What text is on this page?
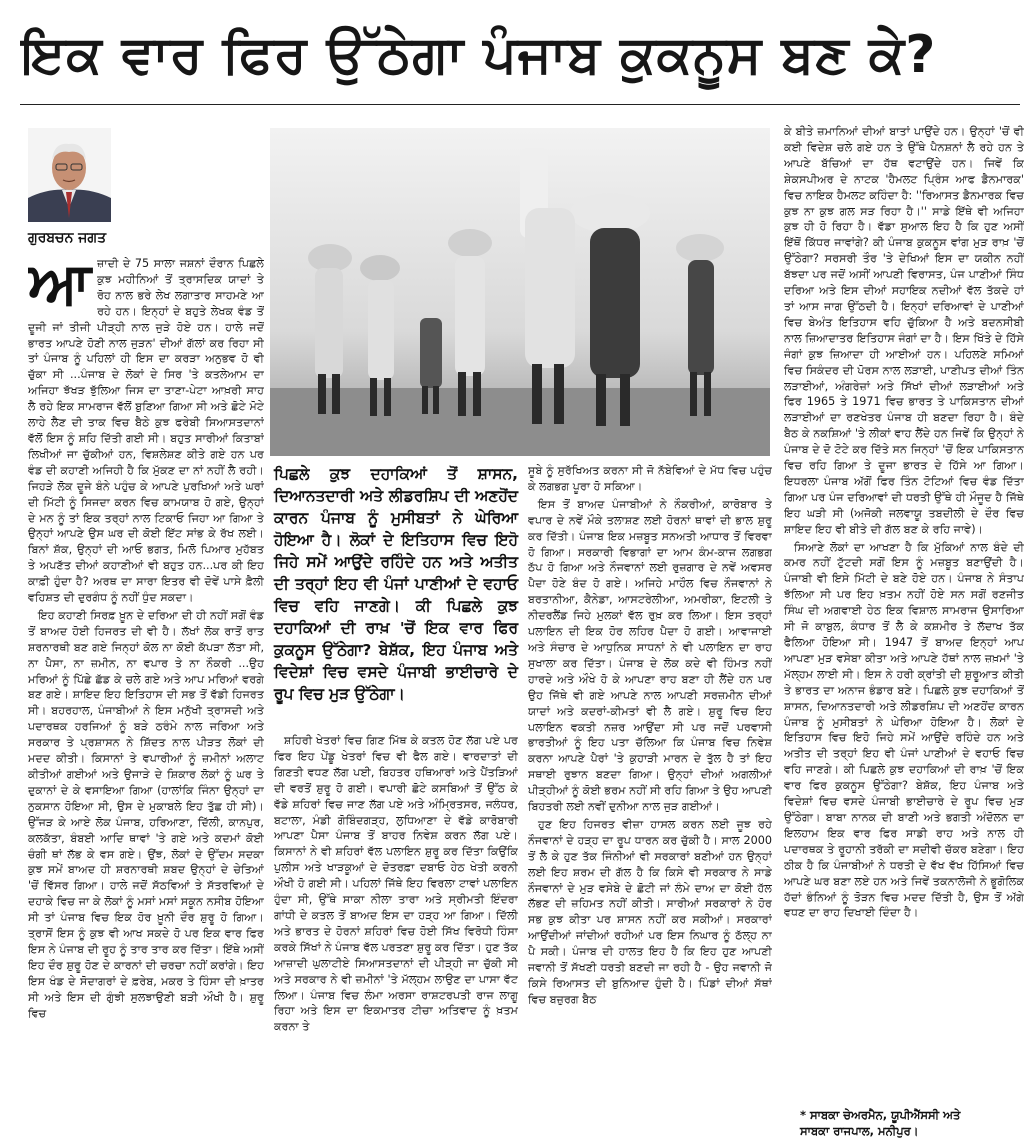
ਇਕ ਵਾਰ ਫਿਰ ਉੱਠੇਗਾ ਪੰਜਾਬ ਕੁਕਨੂਸ ਬਣ ਕੇ?
ਗੁਰਬਚਨ ਜਗਤ

ਆਜ਼ਾਦੀ ਦੇ 75 ਸਾਲਾ ਜਸ਼ਨਾਂ ਦੌਰਾਨ ਪਿਛਲੇ ਕੁਝ ਮਹੀਨਿਆਂ ਤੋਂ ਤ੍ਰਾਸਦਿਕ ਯਾਦਾਂ ਤੇ ਰੋਹ ਨਾਲ ਭਰੇ ਲੇਖ ਲਗਾਤਾਰ ਸਾਹਮਣੇ ਆ ਰਹੇ ਹਨ। ਇਨ੍ਹਾਂ ਦੇ ਬਹੁਤੇ ਲੇਖਕ ਵੰਡ ਤੋਂ ਦੂਜੀ ਜਾਂ ਤੀਜੀ ਪੀੜ੍ਹੀ ਨਾਲ ਜੁੜੇ ਹੋਏ ਹਨ। ਹਾਲੇ ਜਦੋਂ ਭਾਰਤ ਆਪਣੇ ਹੋਣੀ ਨਾਲ ਜੁੜਨ' ਦੀਆਂ ਗੱਲਾਂ ਕਰ ਰਿਹਾ ਸੀ ਤਾਂ ਪੰਜਾਬ ਨੂੰ ਪਹਿਲਾਂ ਹੀ ਇਸ ਦਾ ਕਰੜਾ ਅਨੁਭਵ ਹੋ ਵੀ ਚੁੱਕਾ ਸੀ ...ਪੰਜਾਬ ਦੇ ਲੋਕਾਂ ਦੇ ਸਿਰ 'ਤੇ ਕਤਲੇਆਮ ਦਾ ਅਜਿਹਾ ਝੱਖੜ ਝੁੱਲਿਆ ਜਿਸ ਦਾ ਤਾਣਾ-ਪੇਟਾ ਆਖ਼ਰੀ ਸਾਹ ਲੈ ਰਹੇ ਇਕ ਸਾਮਰਾਜ ਵੱਲੋਂ ਬੁਣਿਆ ਗਿਆ ਸੀ ਅਤੇ ਛੋਟੇ ਮੋਟੇ ਲਾਹੇ ਲੈਣ ਦੀ ਤਾਕ ਵਿਚ ਬੈਠੇ ਕੁਝ ਫਰੇਬੀ ਸਿਆਸਤਦਾਨਾਂ ਵੱਲੋਂ ਇਸ ਨੂੰ ਸ਼ਹਿ ਦਿੱਤੀ ਗਈ ਸੀ। ਬਹੁਤ ਸਾਰੀਆਂ ਕਿਤਾਬਾਂ ਲਿਖੀਆਂ ਜਾ ਚੁੱਕੀਆਂ ਹਨ, ਵਿਸ਼ਲੇਸ਼ਣ ਕੀਤੇ ਗਏ ਹਨ ਪਰ ਵੰਡ ਦੀ ਕਹਾਣੀ ਅਜਿਹੀ ਹੈ ਕਿ ਮੁੱਕਣ ਦਾ ਨਾਂ ਨਹੀਂ ਲੈ ਰਹੀ। ਜਿਹੜੇ ਲੋਕ ਦੂਜੇ ਬੰਨੇ ਪਹੁੰਚ ਕੇ ਆਪਣੇ ਪੁਰਖਿਆਂ ਅਤੇ ਘਰਾਂ ਦੀ ਮਿੱਟੀ ਨੂੰ ਸਿਜਦਾ ਕਰਨ ਵਿਚ ਕਾਮਯਾਬ ਹੋ ਗਏ, ਉਨ੍ਹਾਂ ਦੇ ਮਨ ਨੂੰ ਤਾਂ ਇਕ ਤਰ੍ਹਾਂ ਨਾਲ ਟਿਕਾਓ ਜਿਹਾ ਆ ਗਿਆ ਤੇ ਉਨ੍ਹਾਂ ਆਪਣੇ ਉਸ ਘਰ ਦੀ ਕੋਈ ਇੱਟ ਸਾਂਭ ਕੇ ਰੱਖ ਲਈ। ਬਿਨਾਂ ਸ਼ੱਕ, ਉਨ੍ਹਾਂ ਦੀ ਆਓ ਭਗਤ, ਮਿਲੋ ਪਿਆਰ ਮੁਹੱਬਤ ਤੇ ਅਪਣੱਤ ਦੀਆਂ ਕਹਾਣੀਆਂ ਵੀ ਬਹੁਤ ਹਨ...ਪਰ ਕੀ ਇਹ ਕਾਫ਼ੀ ਹੁੰਦਾ ਹੈ? ਅਰਥ ਦਾ ਸਾਰਾ ਇਤਰ ਵੀ ਦੋਵੇਂ ਪਾਸੇ ਫ਼ੈਲੀ ਵਹਿਸ਼ਤ ਦੀ ਦੁਰਗੰਧ ਨੂੰ ਨਹੀਂ ਧੁੰਦ ਸਕਦਾ।

ਇਹ ਕਹਾਣੀ ਸਿਰਫ਼ ਖ਼ੂਨ ਦੇ ਦਰਿਆ ਦੀ ਹੀ ਨਹੀਂ ਸਗੋਂ ਵੰਡ ਤੋਂ ਬਾਅਦ ਹੋਈ ਹਿਜਰਤ ਦੀ ਵੀ ਹੈ। ਲੱਖਾਂ ਲੋਕ ਰਾਤੋਂ ਰਾਤ ਸ਼ਰਨਾਰਥੀ ਬਣ ਗਏ ਜਿਨ੍ਹਾਂ ਕੋਲ ਨਾ ਕੋਈ ਕੱਪੜਾ ਲੱਤਾ ਸੀ, ਨਾ ਪੈਸਾ, ਨਾ ਜ਼ਮੀਨ, ਨਾ ਵਪਾਰ ਤੇ ਨਾ ਨੌਕਰੀ ...ਉਹ ਮਰਿਆਂ ਨੂੰ ਪਿੱਛੇ ਛੱਡ ਕੇ ਚਲੇ ਗਏ ਅਤੇ ਆਪ ਮਰਿਆਂ ਵਰਗੇ ਬਣ ਗਏ। ਸ਼ਾਇਦ ਇਹ ਇਤਿਹਾਸ ਦੀ ਸਭ ਤੋਂ ਵੱਡੀ ਹਿਜਰਤ ਸੀ। ਬਹਰਹਾਲ, ਪੰਜਾਬੀਆਂ ਨੇ ਇਸ ਮਨੁੱਖੀ ਤ੍ਰਾਸਦੀ ਅਤੇ ਪਦਾਰਥਕ ਹਰਜਿਆਂ ਨੂੰ ਬੜੇ ਠਰੰਮੇ ਨਾਲ ਜਰਿਆ ਅਤੇ ਸਰਕਾਰ ਤੇ ਪ੍ਰਸ਼ਾਸਨ ਨੇ ਸ਼ਿੱਦਤ ਨਾਲ ਪੀੜਤ ਲੋਕਾਂ ਦੀ ਮਦਦ ਕੀਤੀ। ਕਿਸਾਨਾਂ ਤੇ ਵਪਾਰੀਆਂ ਨੂੰ ਜ਼ਮੀਨਾਂ ਅਲਾਟ ਕੀਤੀਆਂ ਗਈਆਂ ਅਤੇ ਉਜਾੜੇ ਦੇ ਸ਼ਿਕਾਰ ਲੋਕਾਂ ਨੂੰ ਘਰ ਤੇ ਦੁਕਾਨਾਂ ਦੇ ਕੇ ਵਸਾਇਆ ਗਿਆ (ਹਾਲਾਂਕਿ ਜਿੰਨਾ ਉਨ੍ਹਾਂ ਦਾ ਨੁਕਸਾਨ ਹੋਇਆ ਸੀ, ਉਸ ਦੇ ਮੁਕਾਬਲੇ ਇਹ ਤੁੱਛ ਹੀ ਸੀ)। ਉੱਜੜ ਕੇ ਆਏ ਲੋਕ ਪੰਜਾਬ, ਹਰਿਆਣਾ, ਦਿੱਲੀ, ਕਾਨਪੁਰ, ਕਲਕੱਤਾ, ਬੰਬਈ ਆਦਿ ਥਾਵਾਂ 'ਤੇ ਗਏ ਅਤੇ ਕਦਮਾਂ ਕੋਈ ਚੰਗੀ ਥਾਂ ਲੱਭ ਕੇ ਵਸ ਗਏ। ਉਂਝ, ਲੋਕਾਂ ਦੇ ਉੱਦਮ ਸਦਕਾ ਕੁਝ ਸਮੇਂ ਬਾਅਦ ਹੀ ਸ਼ਰਨਾਰਥੀ ਸ਼ਬਦ ਉਨ੍ਹਾਂ ਦੇ ਚੇਤਿਆਂ 'ਚੋਂ ਵਿੱਸਰ ਗਿਆ। ਹਾਲੇ ਜਦੋਂ ਸੱਠਵਿਆਂ ਤੇ ਸੱਤਰਵਿਆਂ ਦੇ ਦਹਾਕੇ ਵਿਚ ਜਾ ਕੇ ਲੋਕਾਂ ਨੂੰ ਮਸਾਂ ਮਸਾਂ ਸਕੂਨ ਨਸੀਬ ਹੋਇਆ ਸੀ ਤਾਂ ਪੰਜਾਬ ਵਿਚ ਇਕ ਹੋਰ ਖ਼ੂਨੀ ਦੌਰ ਸ਼ੁਰੂ ਹੋ ਗਿਆ। ਤ੍ਰਾਸੋਂ ਇਸ ਨੂੰ ਕੁਝ ਵੀ ਆਖ ਸਕਦੇ ਹੋ ਪਰ ਇਕ ਵਾਰ ਫਿਰ ਇਸ ਨੇ ਪੰਜਾਬ ਦੀ ਰੂਹ ਨੂੰ ਤਾਰ ਤਾਰ ਕਰ ਦਿੱਤਾ। ਇੱਥੇ ਅਸੀਂ ਇਹ ਦੌਰ ਸ਼ੁਰੂ ਹੋਣ ਦੇ ਕਾਰਨਾਂ ਦੀ ਚਰਚਾ ਨਹੀਂ ਕਰਾਂਗੇ। ਇਹ ਇਸ ਖੰਡ ਦੇ ਸੋਦਾਗਰਾਂ ਦੇ ਫ਼ਰੇਬ, ਮਕਰ ਤੇ ਹਿੰਸਾ ਦੀ ਖ਼ਾਤਰ ਸੀ ਅਤੇ ਇਸ ਦੀ ਗੁੰਝੀ ਸੁਲਝਾਉਣੀ ਬੜੀ ਔਖੀ ਹੈ। ਸ਼ੁਰੂ ਵਿਚ

ਪਿਛਲੇ ਕੁਝ ਦਹਾਕਿਆਂ ਤੋਂ ਸ਼ਾਸਨ, ਦਿਆਨਤਦਾਰੀ ਅਤੇ ਲੀਡਰਸ਼ਿਪ ਦੀ ਅਣਹੋਂਦ ਕਾਰਨ ਪੰਜਾਬ ਨੂੰ ਮੁਸੀਬਤਾਂ ਨੇ ਘੇਰਿਆ ਹੋਇਆ ਹੈ। ਲੋਕਾਂ ਦੇ ਇਤਿਹਾਸ ਵਿਚ ਇਹੋ ਜਿਹੇ ਸਮੇਂ ਆਉਂਦੇ ਰਹਿੰਦੇ ਹਨ ਅਤੇ ਅਤੀਤ ਦੀ ਤਰ੍ਹਾਂ ਇਹ ਵੀ ਪੰਜਾਂ ਪਾਣੀਆਂ ਦੇ ਵਹਾਓ ਵਿਚ ਵਹਿ ਜਾਣਗੇ। ਕੀ ਪਿਛਲੇ ਕੁਝ ਦਹਾਕਿਆਂ ਦੀ ਰਾਖ਼ 'ਚੋਂ ਇਕ ਵਾਰ ਫਿਰ ਕੁਕਨੂਸ ਉੱਠੇਗਾ? ਬੇਸ਼ੱਕ, ਇਹ ਪੰਜਾਬ ਅਤੇ ਵਿਦੇਸ਼ਾਂ ਵਿਚ ਵਸਦੇ ਪੰਜਾਬੀ ਭਾਈਚਾਰੇ ਦੇ ਰੂਪ ਵਿਚ ਮੁੜ ਉੱਠੇਗਾ।

ਸ਼ਹਿਰੀ ਖੇਤਰਾਂ ਵਿਚ ਗਿਣ ਮਿੱਥ ਕੇ ਕਤਲ ਹੋਣ ਲੱਗ ਪਏ ਪਰ ਫਿਰ ਇਹ ਪੇਂਡੂ ਖੇਤਰਾਂ ਵਿਚ ਵੀ ਫੈਲ ਗਏ। ਵਾਰਦਾਤਾਂ ਦੀ ਗਿਣਤੀ ਵਧਣ ਲੱਗ ਪਈ, ਬਿਹਤਰ ਹਥਿਆਰਾਂ ਅਤੇ ਪੈਂਤੜਿਆਂ ਦੀ ਵਰਤੋਂ ਸ਼ੁਰੂ ਹੋ ਗਈ। ਵਪਾਰੀ ਛੋਟੇ ਕਸਬਿਆਂ ਤੋਂ ਉੱਠ ਕੇ ਵੱਡੇ ਸ਼ਹਿਰਾਂ ਵਿਚ ਜਾਣ ਲੱਗ ਪਏ ਅਤੇ ਅੰਮ੍ਰਿਤਸਰ, ਜਲੰਧਰ, ਬਟਾਲਾ, ਮੰਡੀ ਗੋਬਿੰਦਗੜ੍ਹ, ਲੁਧਿਆਣਾ ਦੇ ਵੱਡੇ ਕਾਰੋਬਾਰੀ ਆਪਣਾ ਪੈਸਾ ਪੰਜਾਬ ਤੋਂ ਬਾਹਰ ਨਿਵੇਸ਼ ਕਰਨ ਲੱਗ ਪਏ। ਕਿਸਾਨਾਂ ਨੇ ਵੀ ਸ਼ਹਿਰਾਂ ਵੱਲ ਪਲਾਇਨ ਸ਼ੁਰੂ ਕਰ ਦਿੱਤਾ ਕਿਉਂਕਿ ਪੁਲੀਸ ਅਤੇ ਖਾੜਕੂਆਂ ਦੇ ਦੋਤਰਫ਼ਾ ਦਬਾਓ ਹੇਠ ਖੇਤੀ ਕਰਨੀ ਔਖੀ ਹੋ ਗਈ ਸੀ। ਪਹਿਲਾਂ ਜਿੱਥੇ ਇਹ ਵਿਰਲਾ ਟਾਵਾਂ ਪਲਾਇਨ ਹੁੰਦਾ ਸੀ, ਉੱਥੇ ਸਾਕਾ ਨੀਲਾ ਤਾਰਾ ਅਤੇ ਸ੍ਰੀਮਤੀ ਇੰਦਰਾ ਗਾਂਧੀ ਦੇ ਕਤਲ ਤੋਂ ਬਾਅਦ ਇਸ ਦਾ ਹੜ੍ਹ ਆ ਗਿਆ। ਦਿੱਲੀ ਅਤੇ ਭਾਰਤ ਦੇ ਹੋਰਨਾਂ ਸ਼ਹਿਰਾਂ ਵਿਚ ਹੋਈ ਸਿੱਖ ਵਿਰੋਧੀ ਹਿੰਸਾ ਕਰਕੇ ਸਿੱਖਾਂ ਨੇ ਪੰਜਾਬ ਵੱਲ ਪਰਤਣਾ ਸ਼ੁਰੂ ਕਰ ਦਿੱਤਾ। ਹੁਣ ਤੱਕ ਆਜ਼ਾਦੀ ਘੁਲਾਟੀਏ ਸਿਆਸਤਦਾਨਾਂ ਦੀ ਪੀੜ੍ਹੀ ਜਾ ਚੁੱਕੀ ਸੀ ਅਤੇ ਸਰਕਾਰ ਨੇ ਵੀ ਜ਼ਮੀਨਾਂ 'ਤੇ ਮੱਲ੍ਹਮ ਲਾਉਣ ਦਾ ਪਾਸਾ ਵੱਟ ਲਿਆ। ਪੰਜਾਬ ਵਿਚ ਲੰਮਾ ਅਰਸਾ ਰਾਸ਼ਟਰਪਤੀ ਰਾਜ ਲਾਗੂ ਰਿਹਾ ਅਤੇ ਇਸ ਦਾ ਇਕਮਾਤਰ ਟੀਚਾ ਅਤਿਵਾਦ ਨੂੰ ਖ਼ਤਮ ਕਰਨਾ ਤੇ

ਸੂਬੇ ਨੂੰ ਸੁਰੱਖਿਅਤ ਕਰਨਾ ਸੀ ਜੋ ਨੱਬੇਵਿਆਂ ਦੇ ਮੱਧ ਵਿਚ ਪਹੁੰਚ ਕੇ ਲਗਭਗ ਪੂਰਾ ਹੋ ਸਕਿਆ।

ਇਸ ਤੋਂ ਬਾਅਦ ਪੰਜਾਬੀਆਂ ਨੇ ਨੌਕਰੀਆਂ, ਕਾਰੋਬਾਰ ਤੇ ਵਪਾਰ ਦੇ ਨਵੇਂ ਮੌਕੇ ਤਲਾਸ਼ਣ ਲਈ ਹੋਰਨਾਂ ਥਾਵਾਂ ਦੀ ਭਾਲ ਸ਼ੁਰੂ ਕਰ ਦਿੱਤੀ। ਪੰਜਾਬ ਇਕ ਮਜ਼ਬੂਤ ਸਨਅਤੀ ਆਧਾਰ ਤੋਂ ਵਿਰਵਾ ਹੋ ਗਿਆ। ਸਰਕਾਰੀ ਵਿਭਾਗਾਂ ਦਾ ਆਮ ਕੰਮ-ਕਾਜ ਲਗਭਗ ਠੱਪ ਹੋ ਗਿਆ ਅਤੇ ਨੌਜਵਾਨਾਂ ਲਈ ਰੁਜ਼ਗਾਰ ਦੇ ਨਵੇਂ ਅਵਸਰ ਪੈਦਾ ਹੋਣੇ ਬੰਦ ਹੋ ਗਏ। ਅਜਿਹੇ ਮਾਹੌਲ ਵਿਚ ਨੌਜਵਾਨਾਂ ਨੇ ਬਰਤਾਨੀਆ, ਕੈਨੇਡਾ, ਆਸਟਰੇਲੀਆ, ਅਮਰੀਕਾ, ਇਟਲੀ ਤੇ ਨੀਦਰਲੈਂਡ ਜਿਹੇ ਮੁਲਕਾਂ ਵੱਲ ਰੁਖ਼ ਕਰ ਲਿਆ। ਇਸ ਤਰ੍ਹਾਂ ਪਲਾਇਨ ਦੀ ਇਕ ਹੋਰ ਲਹਿਰ ਪੈਦਾ ਹੋ ਗਈ। ਆਵਾਜਾਈ ਅਤੇ ਸੰਚਾਰ ਦੇ ਆਧੁਨਿਕ ਸਾਧਨਾਂ ਨੇ ਵੀ ਪਲਾਇਨ ਦਾ ਰਾਹ ਸੁਖਾਲਾ ਕਰ ਦਿੱਤਾ। ਪੰਜਾਬ ਦੇ ਲੋਕ ਕਦੇ ਵੀ ਹਿੰਮਤ ਨਹੀਂ ਹਾਰਦੇ ਅਤੇ ਔਖੇ ਹੋ ਕੇ ਆਪਣਾ ਰਾਹ ਬਣਾ ਹੀ ਲੈਂਦੇ ਹਨ ਪਰ ਉਹ ਜਿੱਥੇ ਵੀ ਗਏ ਆਪਣੇ ਨਾਲ ਆਪਣੀ ਸਰਜ਼ਮੀਨ ਦੀਆਂ ਯਾਦਾਂ ਅਤੇ ਕਦਰਾਂ-ਕੀਮਤਾਂ ਵੀ ਲੈ ਗਏ। ਸ਼ੁਰੂ ਵਿਚ ਇਹ ਪਲਾਇਨ ਵਕਤੀ ਨਜ਼ਰ ਆਉਂਦਾ ਸੀ ਪਰ ਜਦੋਂ ਪਰਵਾਸੀ ਭਾਰਤੀਆਂ ਨੂੰ ਇਹ ਪਤਾ ਚੱਲਿਆ ਕਿ ਪੰਜਾਬ ਵਿਚ ਨਿਵੇਸ਼ ਕਰਨਾ ਆਪਣੇ ਪੈਰਾਂ 'ਤੇ ਕੁਹਾੜੀ ਮਾਰਨ ਦੇ ਤੁੱਲ ਹੈ ਤਾਂ ਇਹ ਸਥਾਈ ਰੁਝਾਨ ਬਣਦਾ ਗਿਆ। ਉਨ੍ਹਾਂ ਦੀਆਂ ਅਗਲੀਆਂ ਪੀੜ੍ਹੀਆਂ ਨੂੰ ਕੋਈ ਭਰਮ ਨਹੀਂ ਸੀ ਰਹਿ ਗਿਆ ਤੇ ਉਹ ਆਪਣੀ ਬਿਹਤਰੀ ਲਈ ਨਵੀਂ ਦੁਨੀਆ ਨਾਲ ਜੁੜ ਗਈਆਂ।

ਹੁਣ ਇਹ ਹਿਜਰਤ ਵੀਜ਼ਾ ਹਾਸਲ ਕਰਨ ਲਈ ਜੂਝ ਰਹੇ ਨੌਜਵਾਨਾਂ ਦੇ ਹੜ੍ਹ ਦਾ ਰੂਪ ਧਾਰਨ ਕਰ ਚੁੱਕੀ ਹੈ। ਸਾਲ 2000 ਤੋਂ ਲੈ ਕੇ ਹੁਣ ਤੱਕ ਜਿੰਨੀਆਂ ਵੀ ਸਰਕਾਰਾਂ ਬਣੀਆਂ ਹਨ ਉਨ੍ਹਾਂ ਲਈ ਇਹ ਸ਼ਰਮ ਦੀ ਗੱਲ ਹੈ ਕਿ ਕਿਸੇ ਵੀ ਸਰਕਾਰ ਨੇ ਸਾਡੇ ਨੌਜਵਾਨਾਂ ਦੇ ਮੁੜ ਵਸੇਬੇ ਦੇ ਛੋਟੀ ਜਾਂ ਲੰਮੇ ਦਾਅ ਦਾ ਕੋਈ ਹੱਲ ਲੱਭਣ ਦੀ ਜ਼ਹਿਮਤ ਨਹੀਂ ਕੀਤੀ। ਸਾਰੀਆਂ ਸਰਕਾਰਾਂ ਨੇ ਹੋਰ ਸਭ ਕੁਝ ਕੀਤਾ ਪਰ ਸ਼ਾਸਨ ਨਹੀਂ ਕਰ ਸਕੀਆਂ। ਸਰਕਾਰਾਂ ਆਉਂਦੀਆਂ ਜਾਂਦੀਆਂ ਰਹੀਆਂ ਪਰ ਇਸ ਨਿਘਾਰ ਨੂੰ ਠੱਲ੍ਹ ਨਾ ਪੈ ਸਕੀ। ਪੰਜਾਬ ਦੀ ਹਾਲਤ ਇਹ ਹੈ ਕਿ ਇਹ ਹੁਣ ਆਪਣੀ ਜਵਾਨੀ ਤੋਂ ਸੱਖਣੀ ਧਰਤੀ ਬਣਦੀ ਜਾ ਰਹੀ ਹੈ - ਉਹ ਜਵਾਨੀ ਜੋ ਕਿਸੇ ਰਿਆਸਤ ਦੀ ਬੁਨਿਆਦ ਹੁੰਦੀ ਹੈ। ਪਿੰਡਾਂ ਦੀਆਂ ਸੱਥਾਂ ਵਿਚ ਬਜ਼ੁਰਗ ਬੈਠ

ਕੇ ਬੀਤੇ ਜ਼ਮਾਨਿਆਂ ਦੀਆਂ ਬਾਤਾਂ ਪਾਉਂਦੇ ਹਨ। ਉਨ੍ਹਾਂ 'ਚੋਂ ਵੀ ਕਈ ਵਿਦੇਸ਼ ਚਲੇ ਗਏ ਹਨ ਤੇ ਉੱਥੇ ਪੈਨਸ਼ਨਾਂ ਲੈ ਰਹੇ ਹਨ ਤੇ ਆਪਣੇ ਬੱਚਿਆਂ ਦਾ ਹੱਥ ਵਟਾਉਂਦੇ ਹਨ। ਜਿਵੇਂ ਕਿ ਸ਼ੇਕਸਪੀਅਰ ਦੇ ਨਾਟਕ 'ਹੈਮਲਟ ਪ੍ਰਿੰਸ ਆਫ ਡੈਨਮਾਰਕ' ਵਿਚ ਨਾਇਕ ਹੈਮਲਟ ਕਹਿੰਦਾ ਹੈ: ''ਰਿਆਸਤ ਡੈਨਮਾਰਕ ਵਿਚ ਕੁਝ ਨਾ ਕੁਝ ਗਲ ਸੜ ਰਿਹਾ ਹੈ।'' ਸਾਡੇ ਇੱਥੇ ਵੀ ਅਜਿਹਾ ਕੁਝ ਹੀ ਹੋ ਰਿਹਾ ਹੈ। ਵੱਡਾ ਸੁਆਲ ਇਹ ਹੈ ਕਿ ਹੁਣ ਅਸੀਂ ਇੱਥੋਂ ਕਿੱਧਰ ਜਾਵਾਂਗੇ? ਕੀ ਪੰਜਾਬ ਕੁਕਨੂਸ ਵਾਂਗ ਮੁੜ ਰਾਖ਼ 'ਚੋਂ ਉੱਠੇਗਾ? ਸਰਸਰੀ ਤੌਰ 'ਤੇ ਦੇਖਿਆਂ ਇਸ ਦਾ ਯਕੀਨ ਨਹੀਂ ਬੱਝਦਾ ਪਰ ਜਦੋਂ ਅਸੀਂ ਆਪਣੀ ਵਿਰਾਸਤ, ਪੰਜ ਪਾਣੀਆਂ ਸਿੰਧ ਦਰਿਆ ਅਤੇ ਇਸ ਦੀਆਂ ਸਹਾਇਕ ਨਦੀਆਂ ਵੱਲ ਤੱਕਦੇ ਹਾਂ ਤਾਂ ਆਸ ਜਾਗ ਉੱਠਦੀ ਹੈ। ਇਨ੍ਹਾਂ ਦਰਿਆਵਾਂ ਦੇ ਪਾਣੀਆਂ ਵਿਚ ਬੇਅੰਤ ਇਤਿਹਾਸ ਵਹਿ ਚੁੱਕਿਆ ਹੈ ਅਤੇ ਬਦਨਸੀਬੀ ਨਾਲ ਜ਼ਿਆਦਾਤਰ ਇਤਿਹਾਸ ਜੰਗਾਂ ਦਾ ਹੈ। ਇਸ ਖਿੱਤੇ ਦੇ ਹਿੱਸੇ ਜੰਗਾਂ ਕੁਝ ਜ਼ਿਆਦਾ ਹੀ ਆਈਆਂ ਹਨ। ਪਹਿਲਣੇ ਸਮਿਆਂ ਵਿਚ ਸਿਕੰਦਰ ਦੀ ਪੋਰਸ ਨਾਲ ਲੜਾਈ, ਪਾਣੀਪਤ ਦੀਆਂ ਤਿੰਨ ਲੜਾਈਆਂ, ਅੰਗਰੇਜ਼ਾਂ ਅਤੇ ਸਿੱਖਾਂ ਦੀਆਂ ਲੜਾਈਆਂ ਅਤੇ ਫਿਰ 1965 ਤੇ 1971 ਵਿਚ ਭਾਰਤ ਤੇ ਪਾਕਿਸਤਾਨ ਦੀਆਂ ਲੜਾਈਆਂ ਦਾ ਰਣਖੇਤਰ ਪੰਜਾਬ ਹੀ ਬਣਦਾ ਰਿਹਾ ਹੈ। ਬੰਦੇ ਬੈਠ ਕੇ ਨਕਸ਼ਿਆਂ 'ਤੇ ਲੀਕਾਂ ਵਾਹ ਲੈਂਦੇ ਹਨ ਜਿਵੇਂ ਕਿ ਉਨ੍ਹਾਂ ਨੇ ਪੰਜਾਬ ਦੇ ਦੋ ਟੋਟੇ ਕਰ ਦਿੱਤੇ ਸਨ ਜਿਨ੍ਹਾਂ 'ਚੋਂ ਇਕ ਪਾਕਿਸਤਾਨ ਵਿਚ ਰਹਿ ਗਿਆ ਤੇ ਦੂਜਾ ਭਾਰਤ ਦੇ ਹਿੱਸੇ ਆ ਗਿਆ। ਇਧਰਲਾ ਪੰਜਾਬ ਅੱਗੋਂ ਫਿਰ ਤਿੰਨ ਟੋਟਿਆਂ ਵਿਚ ਵੰਡ ਦਿੱਤਾ ਗਿਆ ਪਰ ਪੰਜ ਦਰਿਆਵਾਂ ਦੀ ਧਰਤੀ ਉੱਥੇ ਹੀ ਮੌਜੂਦ ਹੈ ਜਿੱਥੇ ਇਹ ਘੜੀ ਸੀ (ਅਜੋਕੀ ਜਲਵਾਯੂ ਤਬਦੀਲੀ ਦੇ ਦੌਰ ਵਿਚ ਸ਼ਾਇਦ ਇਹ ਵੀ ਬੀਤੇ ਦੀ ਗੱਲ ਬਣ ਕੇ ਰਹਿ ਜਾਵੇ)।

ਸਿਆਣੇ ਲੋਕਾਂ ਦਾ ਆਖਣਾ ਹੈ ਕਿ ਮੁੱਕਿਆਂ ਨਾਲ ਬੰਦੇ ਦੀ ਕਮਰ ਨਹੀਂ ਟੁੱਟਦੀ ਸਗੋਂ ਇਸ ਨੂੰ ਮਜ਼ਬੂਤ ਬਣਾਉਂਦੀ ਹੈ। ਪੰਜਾਬੀ ਵੀ ਇਸੇ ਮਿੱਟੀ ਦੇ ਬਣੇ ਹੋਏ ਹਨ। ਪੰਜਾਬ ਨੇ ਸੰਤਾਪ ਝੱਲਿਆ ਸੀ ਪਰ ਇਹ ਖ਼ਤਮ ਨਹੀਂ ਹੋਏ ਸਨ ਸਗੋਂ ਰਣਜੀਤ ਸਿੰਘ ਦੀ ਅਗਵਾਈ ਹੇਠ ਇਕ ਵਿਸ਼ਾਲ ਸਾਮਰਾਜ ਉਸਾਰਿਆ ਸੀ ਜੋ ਕਾਬੁਲ, ਕੰਧਾਰ ਤੋਂ ਲੈ ਕੇ ਕਸ਼ਮੀਰ ਤੇ ਲੱਦਾਖ ਤੱਕ ਫੈਲਿਆ ਹੋਇਆ ਸੀ। 1947 ਤੋਂ ਬਾਅਦ ਇਨ੍ਹਾਂ ਆਪ ਆਪਣਾ ਮੁੜ ਵਸੇਬਾ ਕੀਤਾ ਅਤੇ ਆਪਣੇ ਹੱਥਾਂ ਨਾਲ ਜ਼ਖ਼ਮਾਂ 'ਤੇ ਮੱਲ੍ਹਮ ਲਾਈ ਸੀ। ਇਸ ਨੇ ਹਰੀ ਕ੍ਰਾਂਤੀ ਦੀ ਸ਼ੁਰੂਆਤ ਕੀਤੀ ਤੇ ਭਾਰਤ ਦਾ ਅਨਾਜ ਭੰਡਾਰ ਬਣੇ। ਪਿਛਲੇ ਕੁਝ ਦਹਾਕਿਆਂ ਤੋਂ ਸ਼ਾਸਨ, ਦਿਆਨਤਦਾਰੀ ਅਤੇ ਲੀਡਰਸ਼ਿਪ ਦੀ ਅਣਹੋਂਦ ਕਾਰਨ ਪੰਜਾਬ ਨੂੰ ਮੁਸੀਬਤਾਂ ਨੇ ਘੇਰਿਆ ਹੋਇਆ ਹੈ। ਲੋਕਾਂ ਦੇ ਇਤਿਹਾਸ ਵਿਚ ਇਹੋ ਜਿਹੇ ਸਮੇਂ ਆਉਂਦੇ ਰਹਿੰਦੇ ਹਨ ਅਤੇ ਅਤੀਤ ਦੀ ਤਰ੍ਹਾਂ ਇਹ ਵੀ ਪੰਜਾਂ ਪਾਣੀਆਂ ਦੇ ਵਹਾਓ ਵਿਚ ਵਹਿ ਜਾਣਗੇ। ਕੀ ਪਿਛਲੇ ਕੁਝ ਦਹਾਕਿਆਂ ਦੀ ਰਾਖ਼ 'ਚੋਂ ਇਕ ਵਾਰ ਫਿਰ ਕੁਕਨੂਸ ਉੱਠੇਗਾ? ਬੇਸ਼ੱਕ, ਇਹ ਪੰਜਾਬ ਅਤੇ ਵਿਦੇਸ਼ਾਂ ਵਿਚ ਵਸਦੇ ਪੰਜਾਬੀ ਭਾਈਚਾਰੇ ਦੇ ਰੂਪ ਵਿਚ ਮੁੜ ਉੱਠੇਗਾ। ਬਾਬਾ ਨਾਨਕ ਦੀ ਬਾਣੀ ਅਤੇ ਭਗਤੀ ਅੰਦੋਲਨ ਦਾ ਇਲਹਾਮ ਇਕ ਵਾਰ ਫਿਰ ਸਾਡੀ ਰਾਹ ਅਤੇ ਨਾਲ ਹੀ ਪਦਾਰਥਕ ਤੇ ਰੂਹਾਨੀ ਤਰੱਕੀ ਦਾ ਸਦੀਵੀ ਚੱਕਰ ਬਣੇਗਾ। ਇਹ ਠੀਕ ਹੈ ਕਿ ਪੰਜਾਬੀਆਂ ਨੇ ਧਰਤੀ ਦੇ ਵੱਖ ਵੱਖ ਹਿੱਸਿਆਂ ਵਿਚ ਆਪਣੇ ਘਰ ਬਣਾ ਲਏ ਹਨ ਅਤੇ ਜਿਵੇਂ ਤਕਨਾਲੋਜੀ ਨੇ ਭੂਗੋਲਿਕ ਹੱਦਾਂ ਭੰਨਿਆਂ ਨੂੰ ਤੋੜਨ ਵਿਚ ਮਦਦ ਦਿੱਤੀ ਹੈ, ਉਸ ਤੋਂ ਅੱਗੇ ਵਧਣ ਦਾ ਰਾਹ ਦਿਖਾਈ ਦਿੰਦਾ ਹੈ।

* ਸਾਬਕਾ ਚੇਅਰਮੈਨ, ਯੂਪੀਐੱਸਸੀ ਅਤੇ
ਸਾਬਕਾ ਰਾਜਪਾਲ, ਮਨੀਪੁਰ।
